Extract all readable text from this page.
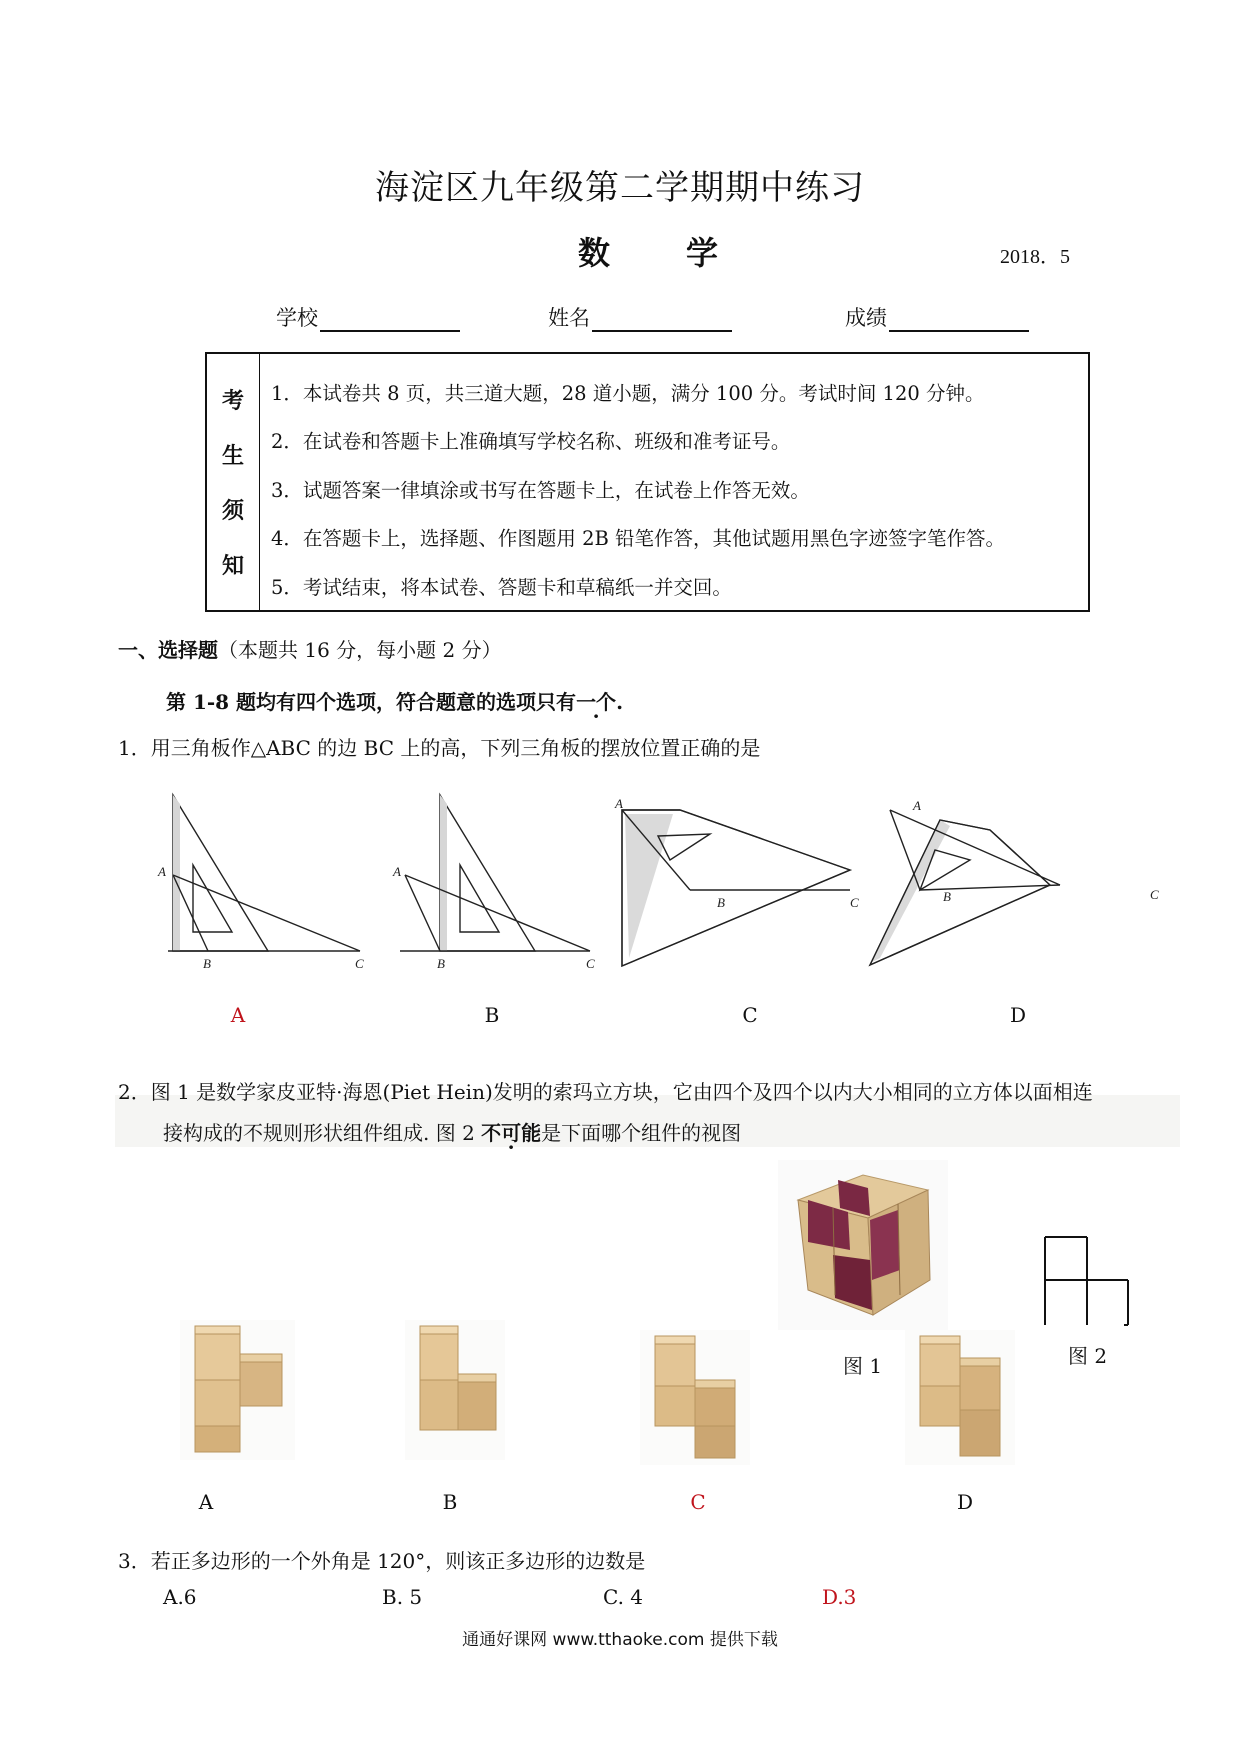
海淀区九年级第二学期期中练习
数学	2018．5
学校	姓名	成绩
考
生
须
知
1．本试卷共 8 页，共三道大题，28 道小题，满分 100 分。考试时间 120 分钟。
2．在试卷和答题卡上准确填写学校名称、班级和准考证号。
3．试题答案一律填涂或书写在答题卡上，在试卷上作答无效。
4．在答题卡上，选择题、作图题用 2B 铅笔作答，其他试题用黑色字迹签字笔作答。
5．考试结束，将本试卷、答题卡和草稿纸一并交回。
一、选择题（本题共 16 分，每小题 2 分）
第 1-8 题均有四个选项，符合题意的选项只有一个.
1．用三角板作△ABC 的边 BC 上的高，下列三角板的摆放位置正确的是
A
B	C
A
B	C
A
B	C
A
B	C
A	B	C	D
2．图 1 是数学家皮亚特·海恩(Piet Hein)发明的索玛立方块，它由四个及四个以内大小相同的立方体以面相连
接构成的不规则形状组件组成. 图 2 不可能是下面哪个组件的视图
图 1	图 2
A	B	C	D
3．若正多边形的一个外角是 120°，则该正多边形的边数是
A.6	B. 5	C. 4	D.3
通通好课网 www.tthaoke.com 提供下载
